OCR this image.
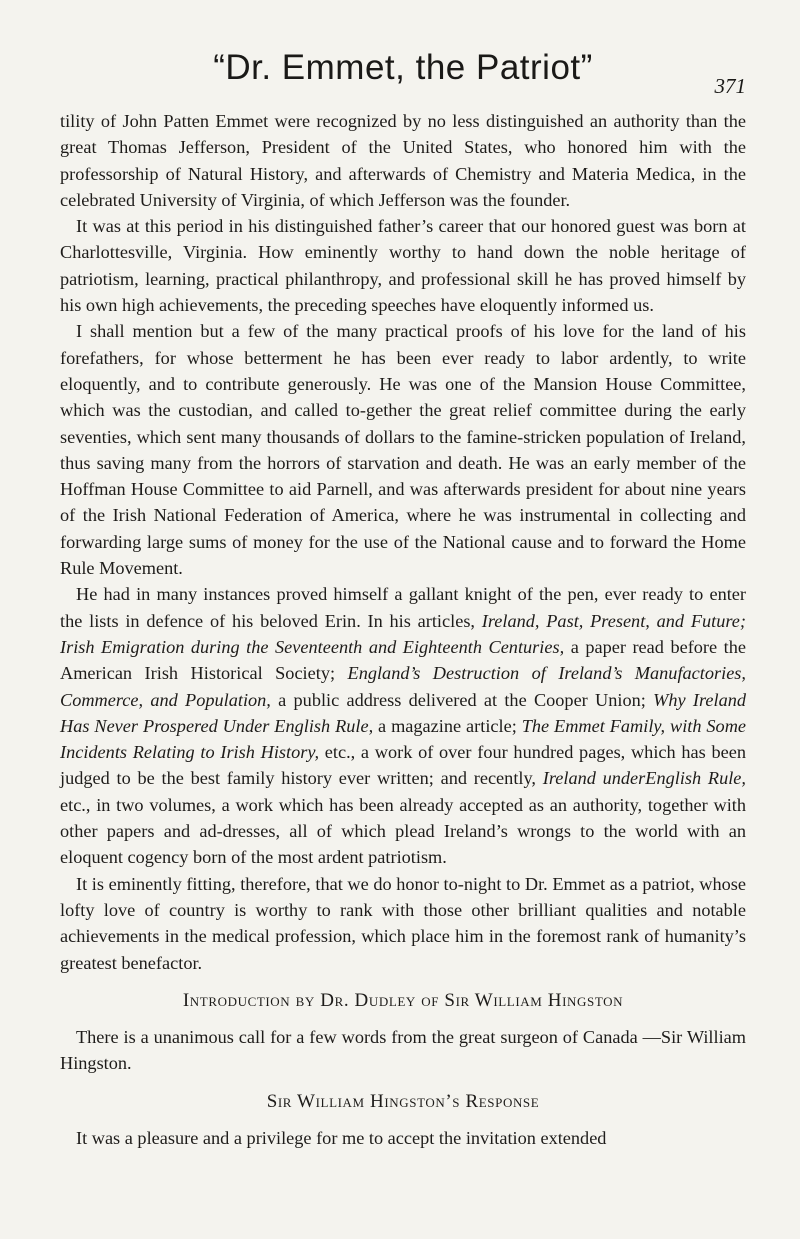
“Dr. Emmet, the Patriot”	371

tility of John Patten Emmet were recognized by no less distinguished an authority than the great Thomas Jefferson, President of the United States, who honored him with the professorship of Natural History, and afterwards of Chemistry and Materia Medica, in the celebrated University of Virginia, of which Jefferson was the founder.

It was at this period in his distinguished father’s career that our honored guest was born at Charlottesville, Virginia. How eminently worthy to hand down the noble heritage of patriotism, learning, practical philanthropy, and professional skill he has proved himself by his own high achievements, the preceding speeches have eloquently informed us.

I shall mention but a few of the many practical proofs of his love for the land of his forefathers, for whose betterment he has been ever ready to labor ardently, to write eloquently, and to contribute generously. He was one of the Mansion House Committee, which was the custodian, and called to-gether the great relief committee during the early seventies, which sent many thousands of dollars to the famine-stricken population of Ireland, thus saving many from the horrors of starvation and death. He was an early member of the Hoffman House Committee to aid Parnell, and was afterwards president for about nine years of the Irish National Federation of America, where he was instrumental in collecting and forwarding large sums of money for the use of the National cause and to forward the Home Rule Movement.

He had in many instances proved himself a gallant knight of the pen, ever ready to enter the lists in defence of his beloved Erin. In his articles, Ireland, Past, Present, and Future; Irish Emigration during the Seventeenth and Eighteenth Centuries, a paper read before the American Irish Historical Society; England’s Destruction of Ireland’s Manufactories, Commerce, and Population, a public address delivered at the Cooper Union; Why Ireland Has Never Prospered Under English Rule, a magazine article; The Emmet Family, with Some Incidents Relating to Irish History, etc., a work of over four hundred pages, which has been judged to be the best family history ever written; and recently, Ireland underEnglish Rule, etc., in two volumes, a work which has been already accepted as an authority, together with other papers and ad-dresses, all of which plead Ireland’s wrongs to the world with an eloquent cogency born of the most ardent patriotism.

It is eminently fitting, therefore, that we do honor to-night to Dr. Emmet as a patriot, whose lofty love of country is worthy to rank with those other brilliant qualities and notable achievements in the medical profession, which place him in the foremost rank of humanity’s greatest benefactor.

Introduction by Dr. Dudley of Sir William Hingston

There is a unanimous call for a few words from the great surgeon of Canada —Sir William Hingston.

Sir William Hingston’s Response

It was a pleasure and a privilege for me to accept the invitation extended
